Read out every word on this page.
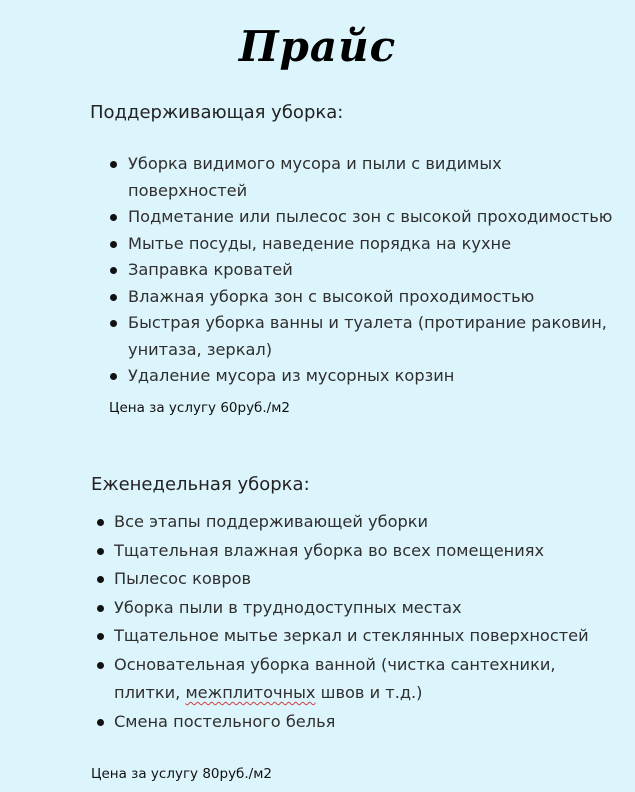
Прайс
Поддерживающая уборка:
Уборка видимого мусора и пыли с видимых
поверхностей
Подметание или пылесос зон с высокой проходимостью
Мытье посуды, наведение порядка на кухне
Заправка кроватей
Влажная уборка зон с высокой проходимостью
Быстрая уборка ванны и туалета (протирание раковин,
унитаза, зеркал)
Удаление мусора из мусорных корзин
Цена за услугу 60руб./м2
Еженедельная уборка:
Все этапы поддерживающей уборки
Тщательная влажная уборка во всех помещениях
Пылесос ковров
Уборка пыли в труднодоступных местах
Тщательное мытье зеркал и стеклянных поверхностей
Основательная уборка ванной (чистка сантехники,
плитки, межплиточных швов и т.д.)
Смена постельного белья
Цена за услугу 80руб./м2
